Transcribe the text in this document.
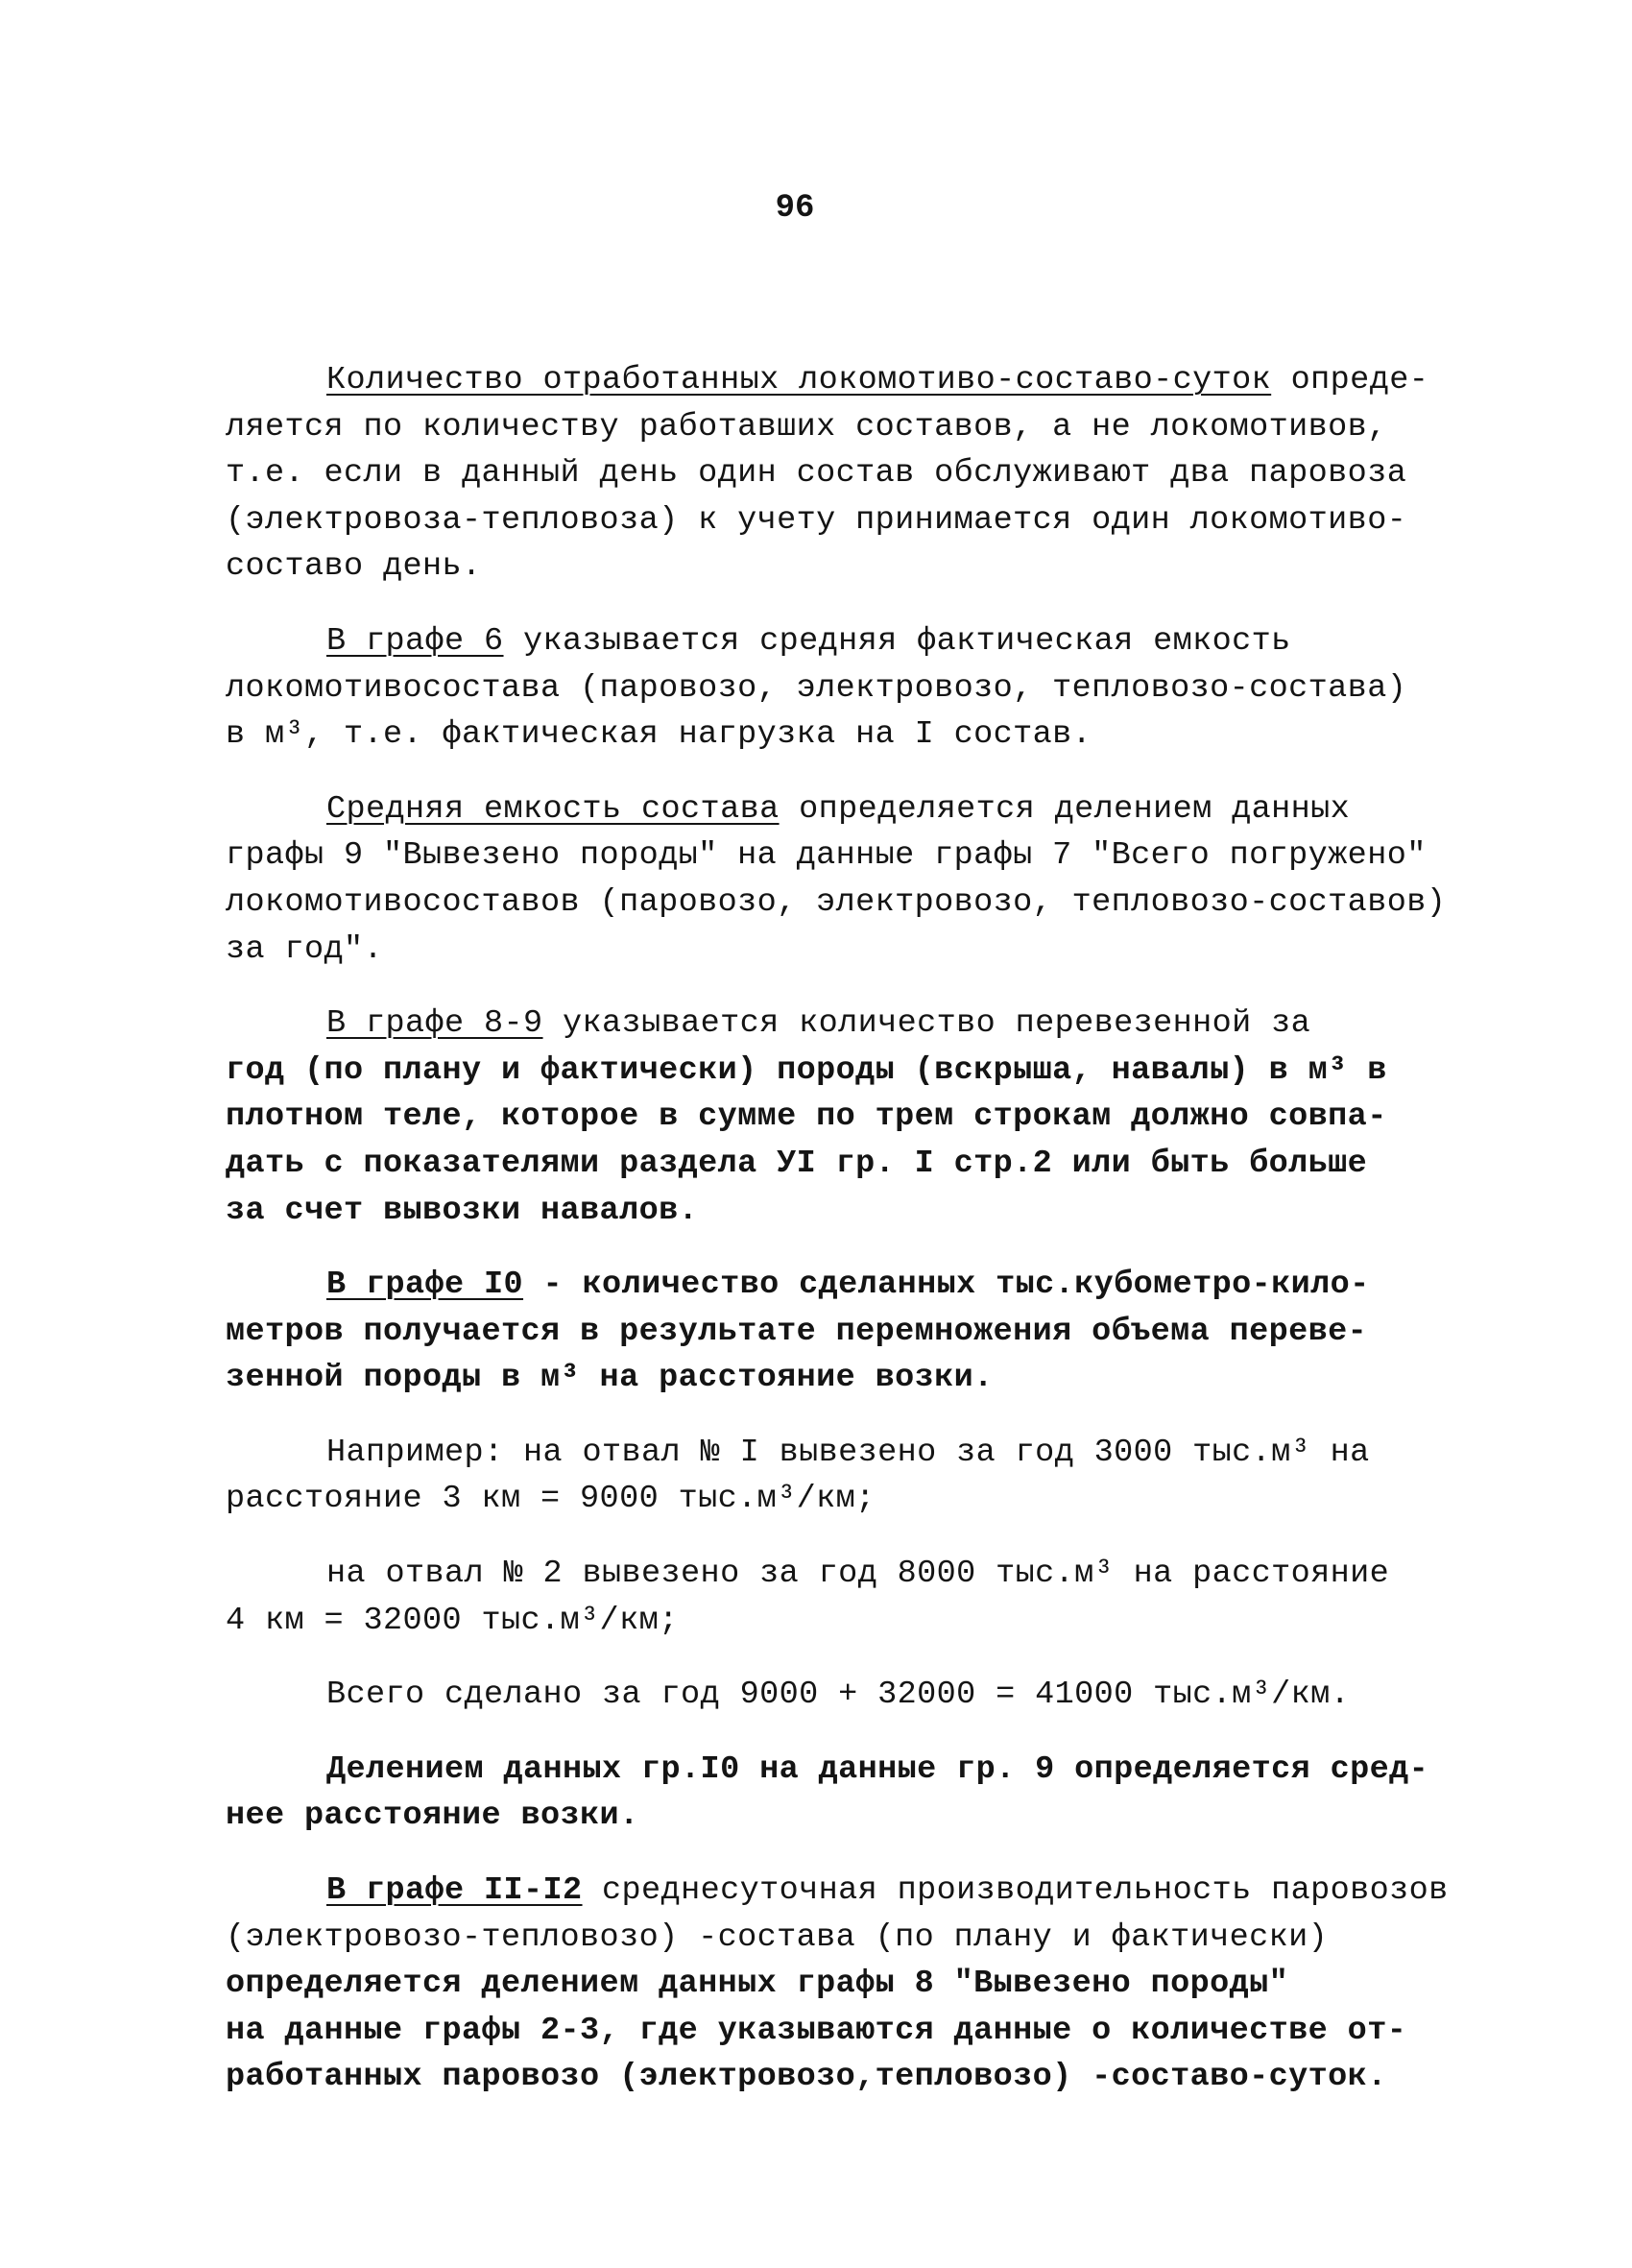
96
Количество отработанных локомотиво-составо-суток опреде-
ляется по количеству работавших составов, а не локомотивов,
т.е. если в данный день один состав обслуживают два паровоза
(электровоза-тепловоза) к учету принимается один локомотиво-
составо день.
В графе 6 указывается средняя фактическая емкость
локомотивосостава (паровозо, электровозо, тепловозо-состава)
в м³, т.е. фактическая нагрузка на I состав.
Средняя емкость состава определяется делением данных
графы 9 "Вывезено породы" на данные графы 7 "Всего погружено"
локомотивосоставов (паровозо, электровозо, тепловозо-составов)
за год".
В графе 8-9 указывается количество перевезенной за
год (по плану и фактически) породы (вскрыша, навалы) в м³ в
плотном теле, которое в сумме по трем строкам должно совпа-
дать с показателями раздела УI гр. I стр.2 или быть больше
за счет вывозки навалов.
В графе I0 - количество сделанных тыс.кубометро-кило-
метров получается в результате перемножения объема переве-
зенной породы в м³ на расстояние возки.
Например: на отвал № I вывезено за год 3000 тыс.м³ на
расстояние 3 км = 9000 тыс.м³/км;
на отвал № 2 вывезено за год 8000 тыс.м³ на расстояние
4 км = 32000 тыс.м³/км;
Всего сделано за год 9000 + 32000 = 41000 тыс.м³/км.
Делением данных гр.I0 на данные гр. 9 определяется сред-
нее расстояние возки.
В графе II-I2 среднесуточная производительность паровозов
(электровозо-тепловозо) -состава (по плану и фактически)
определяется делением данных графы 8 "Вывезено породы"
на данные графы 2-3, где указываются данные о количестве от-
работанных паровозо (электровозо,тепловозо) -составо-суток.
